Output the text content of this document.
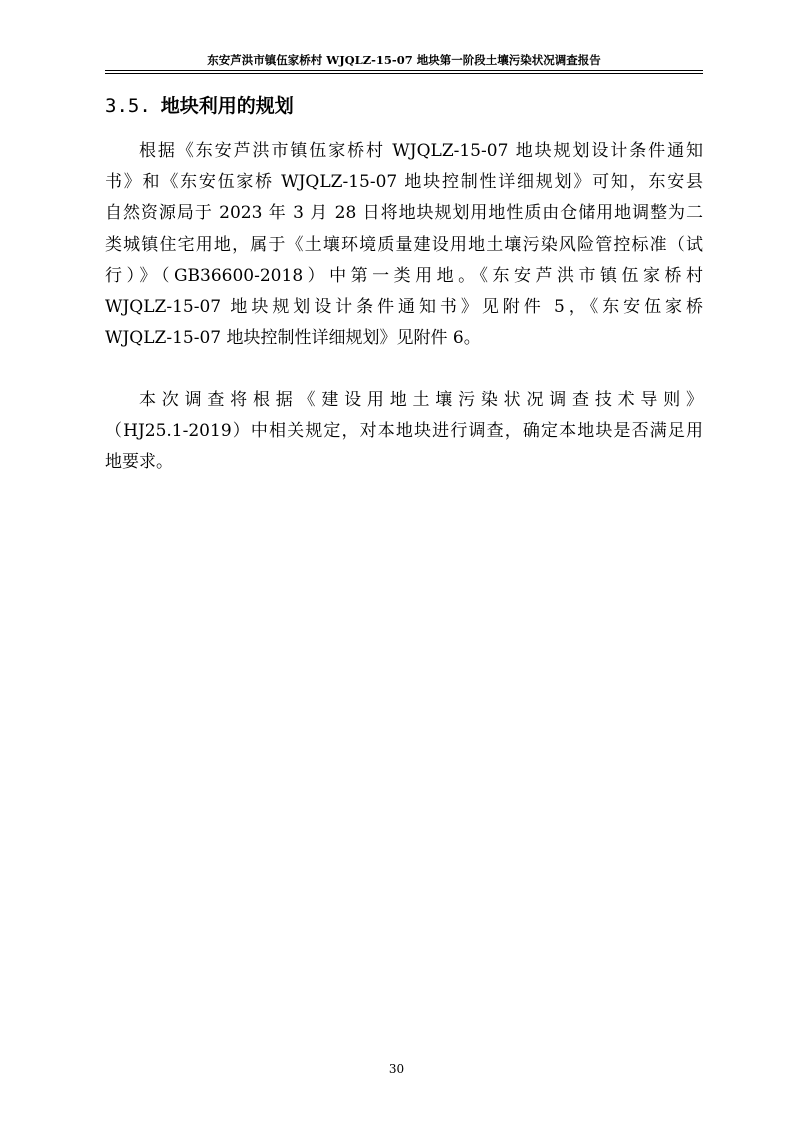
东安芦洪市镇伍家桥村 WJQLZ-15-07 地块第一阶段土壤污染状况调查报告
3.5. 地块利用的规划
根据《东安芦洪市镇伍家桥村 WJQLZ-15-07 地块规划设计条件通知
书》和《东安伍家桥 WJQLZ-15-07 地块控制性详细规划》可知，东安县
自然资源局于 2023 年 3 月 28 日将地块规划用地性质由仓储用地调整为二
类城镇住宅用地，属于《土壤环境质量建设用地土壤污染风险管控标准（试
行）》（GB36600-2018）中第一类用地。《东安芦洪市镇伍家桥村
WJQLZ-15-07 地块规划设计条件通知书》见附件 5，《东安伍家桥
WJQLZ-15-07 地块控制性详细规划》见附件 6。
本次调查将根据《建设用地土壤污染状况调查技术导则》
（HJ25.1-2019）中相关规定，对本地块进行调查，确定本地块是否满足用
地要求。
30
